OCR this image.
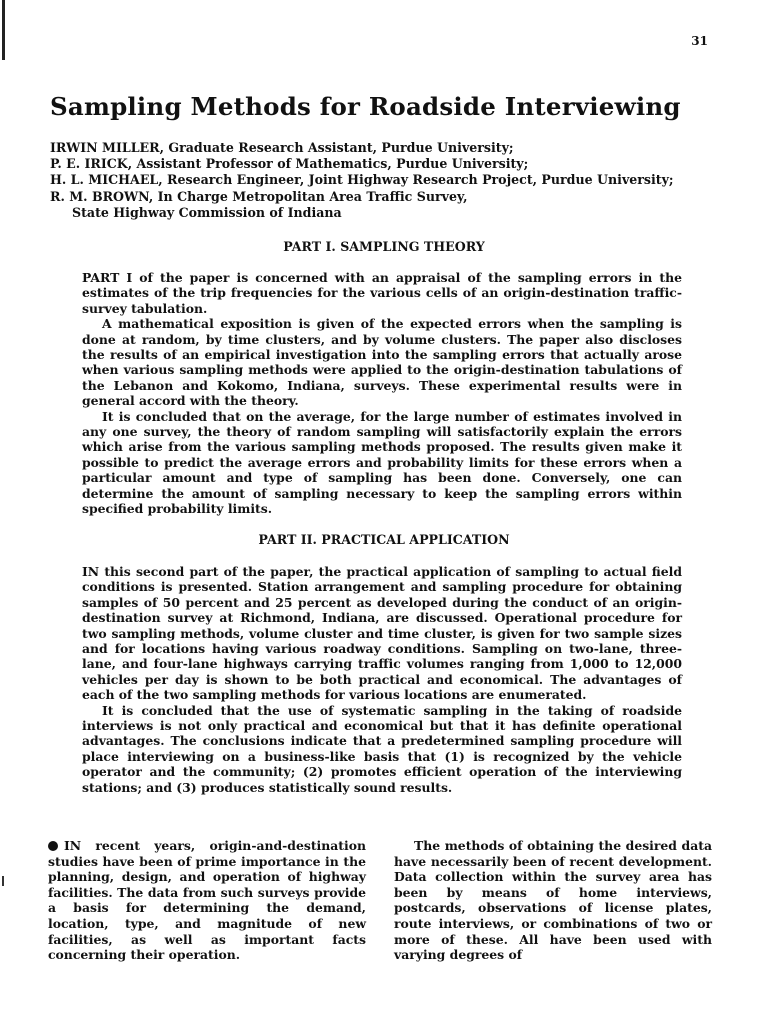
31
Sampling Methods for Roadside Interviewing
IRWIN MILLER, Graduate Research Assistant, Purdue University;
P. E. IRICK, Assistant Professor of Mathematics, Purdue University;
H. L. MICHAEL, Research Engineer, Joint Highway Research Project, Purdue University;
R. M. BROWN, In Charge Metropolitan Area Traffic Survey,
State Highway Commission of Indiana
PART I. SAMPLING THEORY

PART I of the paper is concerned with an appraisal of the sampling errors in the estimates of the trip frequencies for the various cells of an origin-destination traffic-survey tabulation.

A mathematical exposition is given of the expected errors when the sampling is done at random, by time clusters, and by volume clusters. The paper also discloses the results of an empirical investigation into the sampling errors that actually arose when various sampling methods were applied to the origin-destination tabulations of the Lebanon and Kokomo, Indiana, surveys. These experimental results were in general accord with the theory.

It is concluded that on the average, for the large number of estimates involved in any one survey, the theory of random sampling will satisfactorily explain the errors which arise from the various sampling methods proposed. The results given make it possible to predict the average errors and probability limits for these errors when a particular amount and type of sampling has been done. Conversely, one can determine the amount of sampling necessary to keep the sampling errors within specified probability limits.

PART II. PRACTICAL APPLICATION

IN this second part of the paper, the practical application of sampling to actual field conditions is presented. Station arrangement and sampling procedure for obtaining samples of 50 percent and 25 percent as developed during the conduct of an origin-destination survey at Richmond, Indiana, are discussed. Operational procedure for two sampling methods, volume cluster and time cluster, is given for two sample sizes and for locations having various roadway conditions. Sampling on two-lane, three-lane, and four-lane highways carrying traffic volumes ranging from 1,000 to 12,000 vehicles per day is shown to be both practical and economical. The advantages of each of the two sampling methods for various locations are enumerated.

It is concluded that the use of systematic sampling in the taking of roadside interviews is not only practical and economical but that it has definite operational advantages. The conclusions indicate that a predetermined sampling procedure will place interviewing on a business-like basis that (1) is recognized by the vehicle operator and the community; (2) promotes efficient operation of the interviewing stations; and (3) produces statistically sound results.

IN recent years, origin-and-destination studies have been of prime importance in the planning, design, and operation of highway facilities. The data from such surveys provide a basis for determining the demand, location, type, and magnitude of new facilities, as well as important facts concerning their operation.
The methods of obtaining the desired data have necessarily been of recent development. Data collection within the survey area has been by means of home interviews, postcards, observations of license plates, route interviews, or combinations of two or more of these. All have been used with varying degrees of
